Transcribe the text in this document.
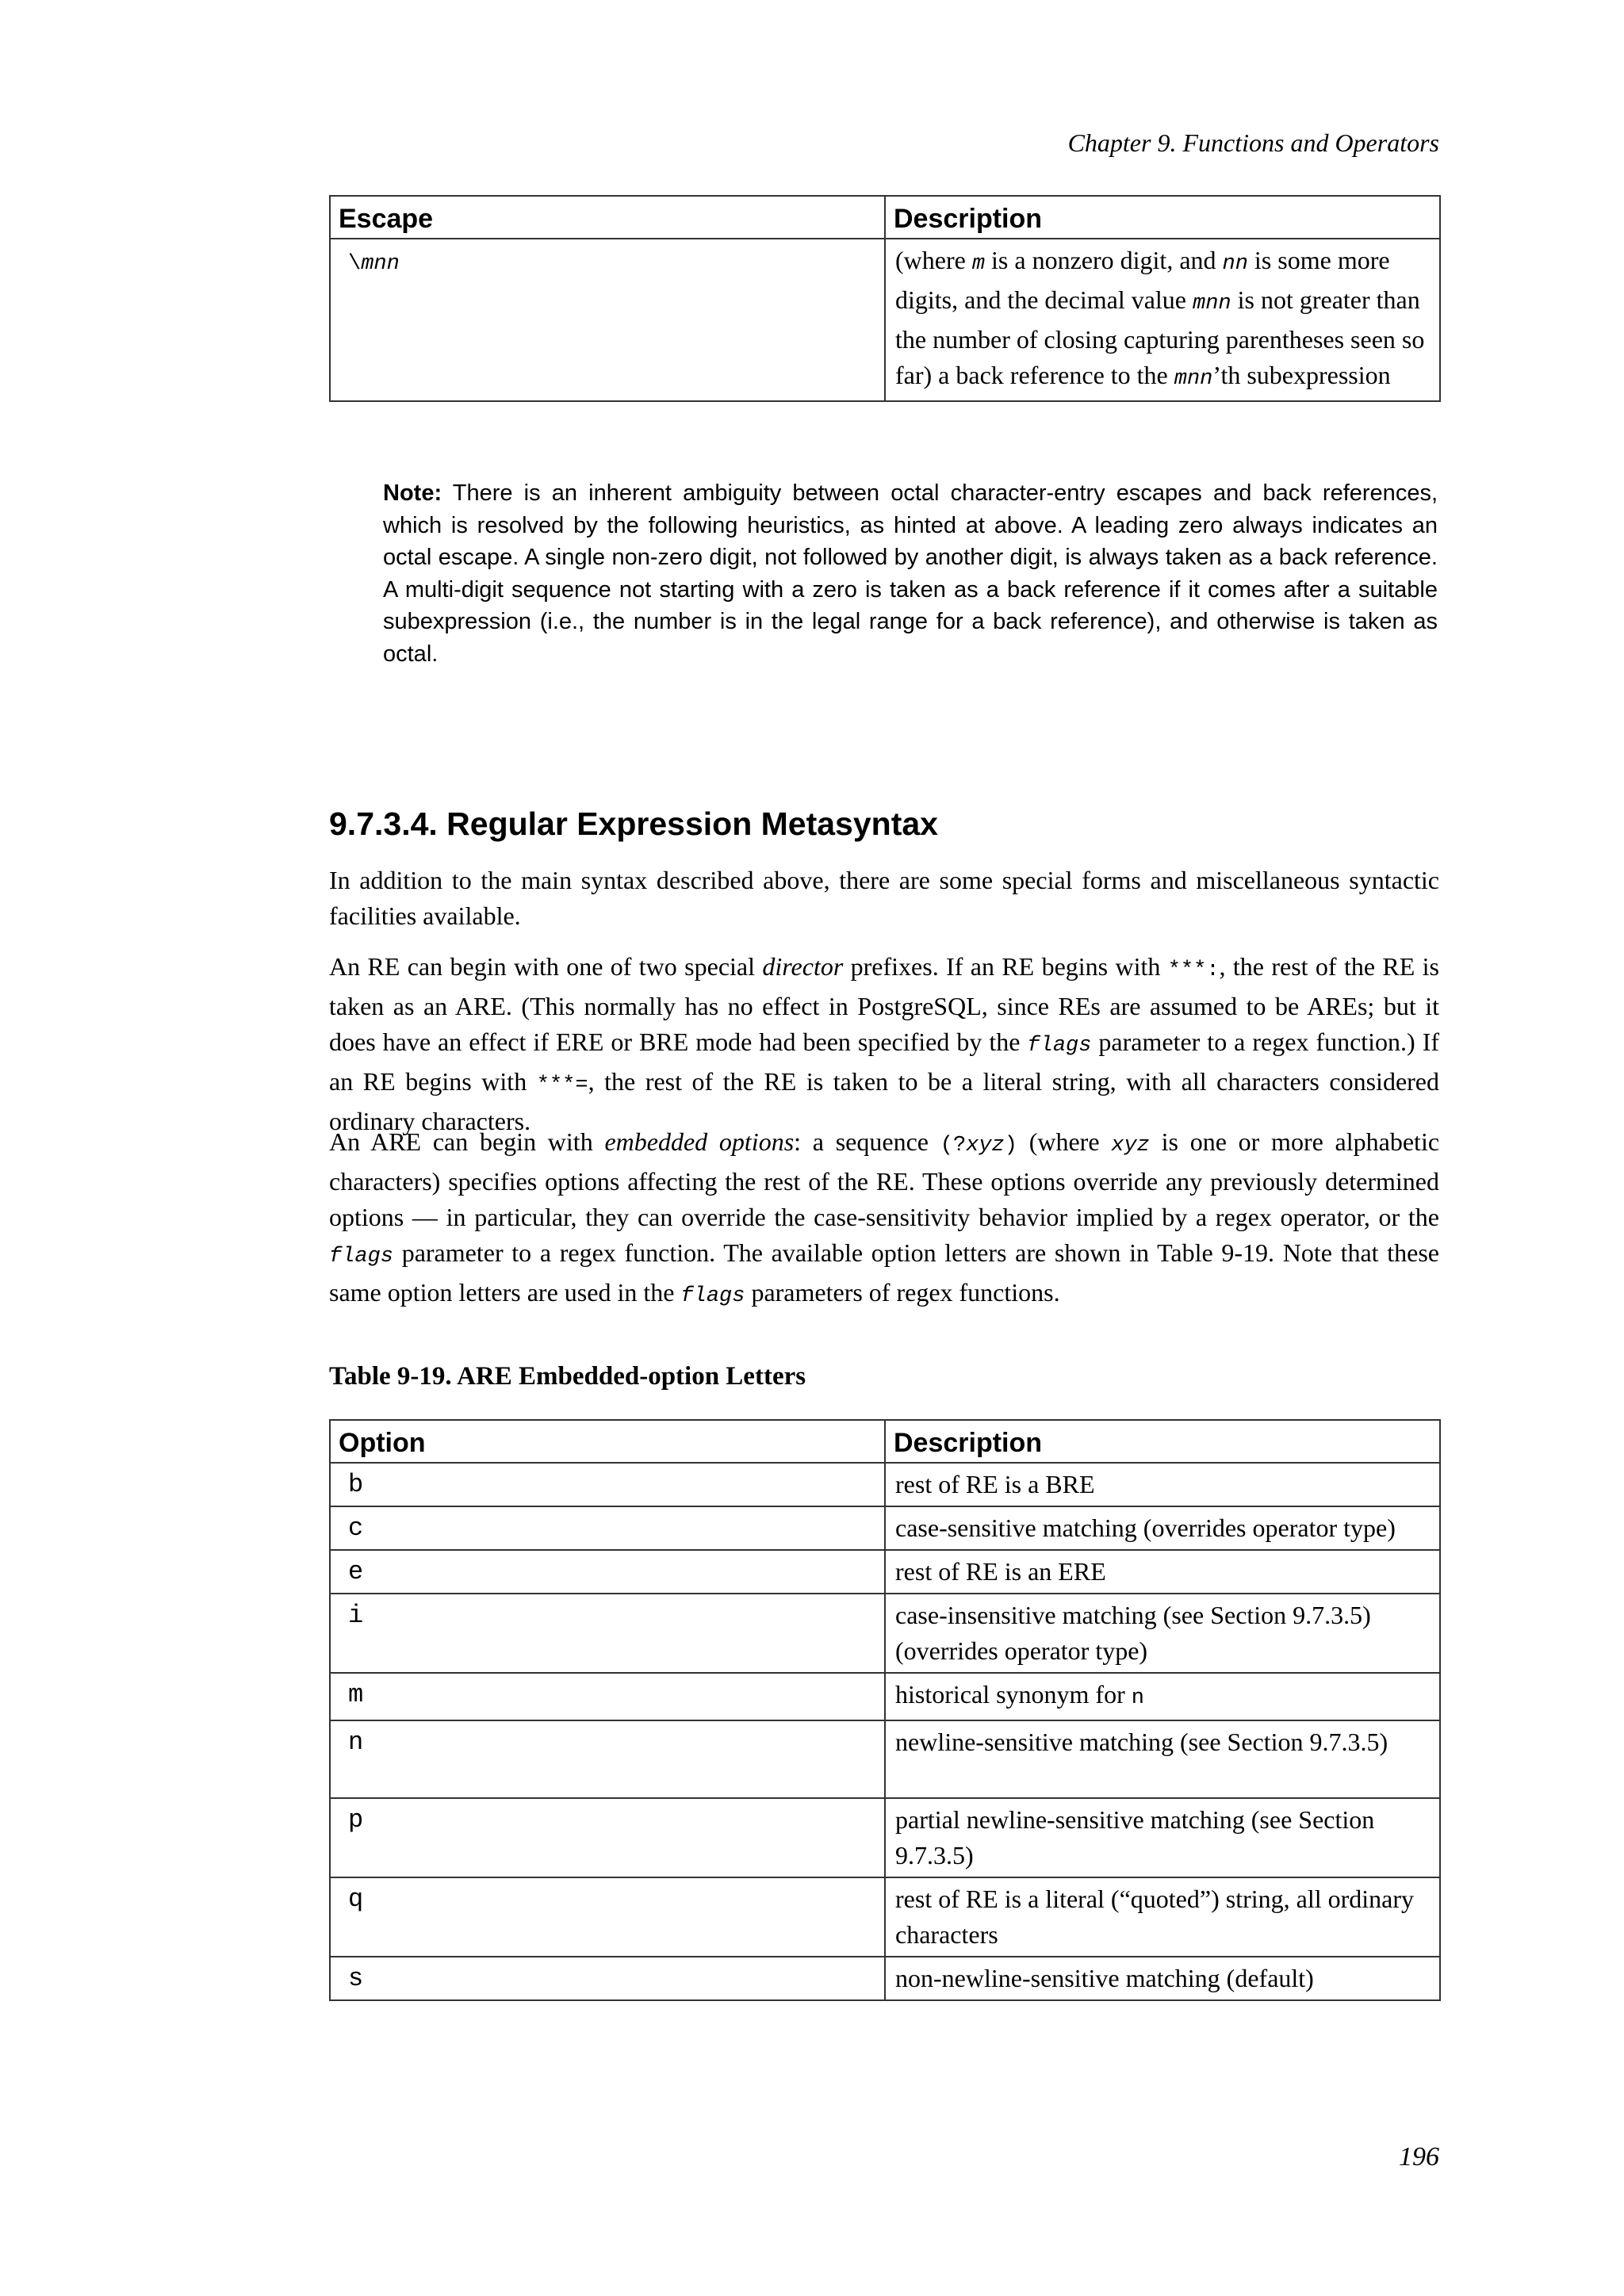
Chapter 9. Functions and Operators
Escape	Description
\mnn	(where m is a nonzero digit, and nn is some more digits, and the decimal value mnn is not greater than the number of closing capturing parentheses seen so far) a back reference to the mnn’th subexpression
Note: There is an inherent ambiguity between octal character-entry escapes and back references, which is resolved by the following heuristics, as hinted at above. A leading zero always indicates an octal escape. A single non-zero digit, not followed by another digit, is always taken as a back reference. A multi-digit sequence not starting with a zero is taken as a back reference if it comes after a suitable subexpression (i.e., the number is in the legal range for a back reference), and otherwise is taken as octal.
9.7.3.4. Regular Expression Metasyntax

In addition to the main syntax described above, there are some special forms and miscellaneous syntactic facilities available.

An RE can begin with one of two special director prefixes. If an RE begins with ***:, the rest of the RE is taken as an ARE. (This normally has no effect in PostgreSQL, since REs are assumed to be AREs; but it does have an effect if ERE or BRE mode had been specified by the flags parameter to a regex function.) If an RE begins with ***=, the rest of the RE is taken to be a literal string, with all characters considered ordinary characters.

An ARE can begin with embedded options: a sequence (?xyz) (where xyz is one or more alphabetic characters) specifies options affecting the rest of the RE. These options override any previously determined options — in particular, they can override the case-sensitivity behavior implied by a regex operator, or the flags parameter to a regex function. The available option letters are shown in Table 9-19. Note that these same option letters are used in the flags parameters of regex functions.

Table 9-19. ARE Embedded-option Letters

Option	Description
b	rest of RE is a BRE
c	case-sensitive matching (overrides operator type)
e	rest of RE is an ERE
i	case-insensitive matching (see Section 9.7.3.5) (overrides operator type)
m	historical synonym for n
n	newline-sensitive matching (see Section 9.7.3.5)
p	partial newline-sensitive matching (see Section 9.7.3.5)
q	rest of RE is a literal (“quoted”) string, all ordinary characters
s	non-newline-sensitive matching (default)
196
